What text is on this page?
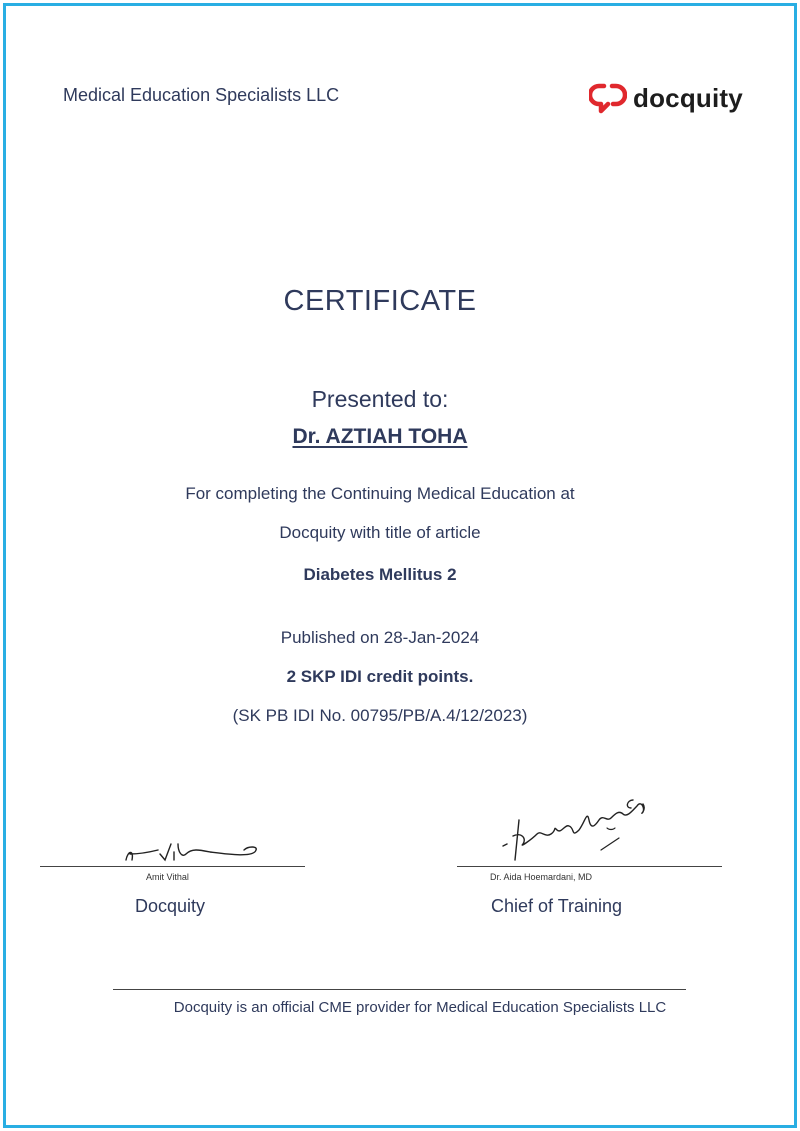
Medical Education Specialists LLC	docquity
CERTIFICATE
Presented to:
Dr. AZTIAH TOHA
For completing the Continuing Medical Education at
Docquity with title of article
Diabetes Mellitus 2
Published on 28-Jan-2024
2 SKP IDI credit points.
(SK PB IDI No. 00795/PB/A.4/12/2023)
Amit Vithal	Dr. Aida Hoemardani, MD
Docquity	Chief of Training
Docquity is an official CME provider for Medical Education Specialists LLC
